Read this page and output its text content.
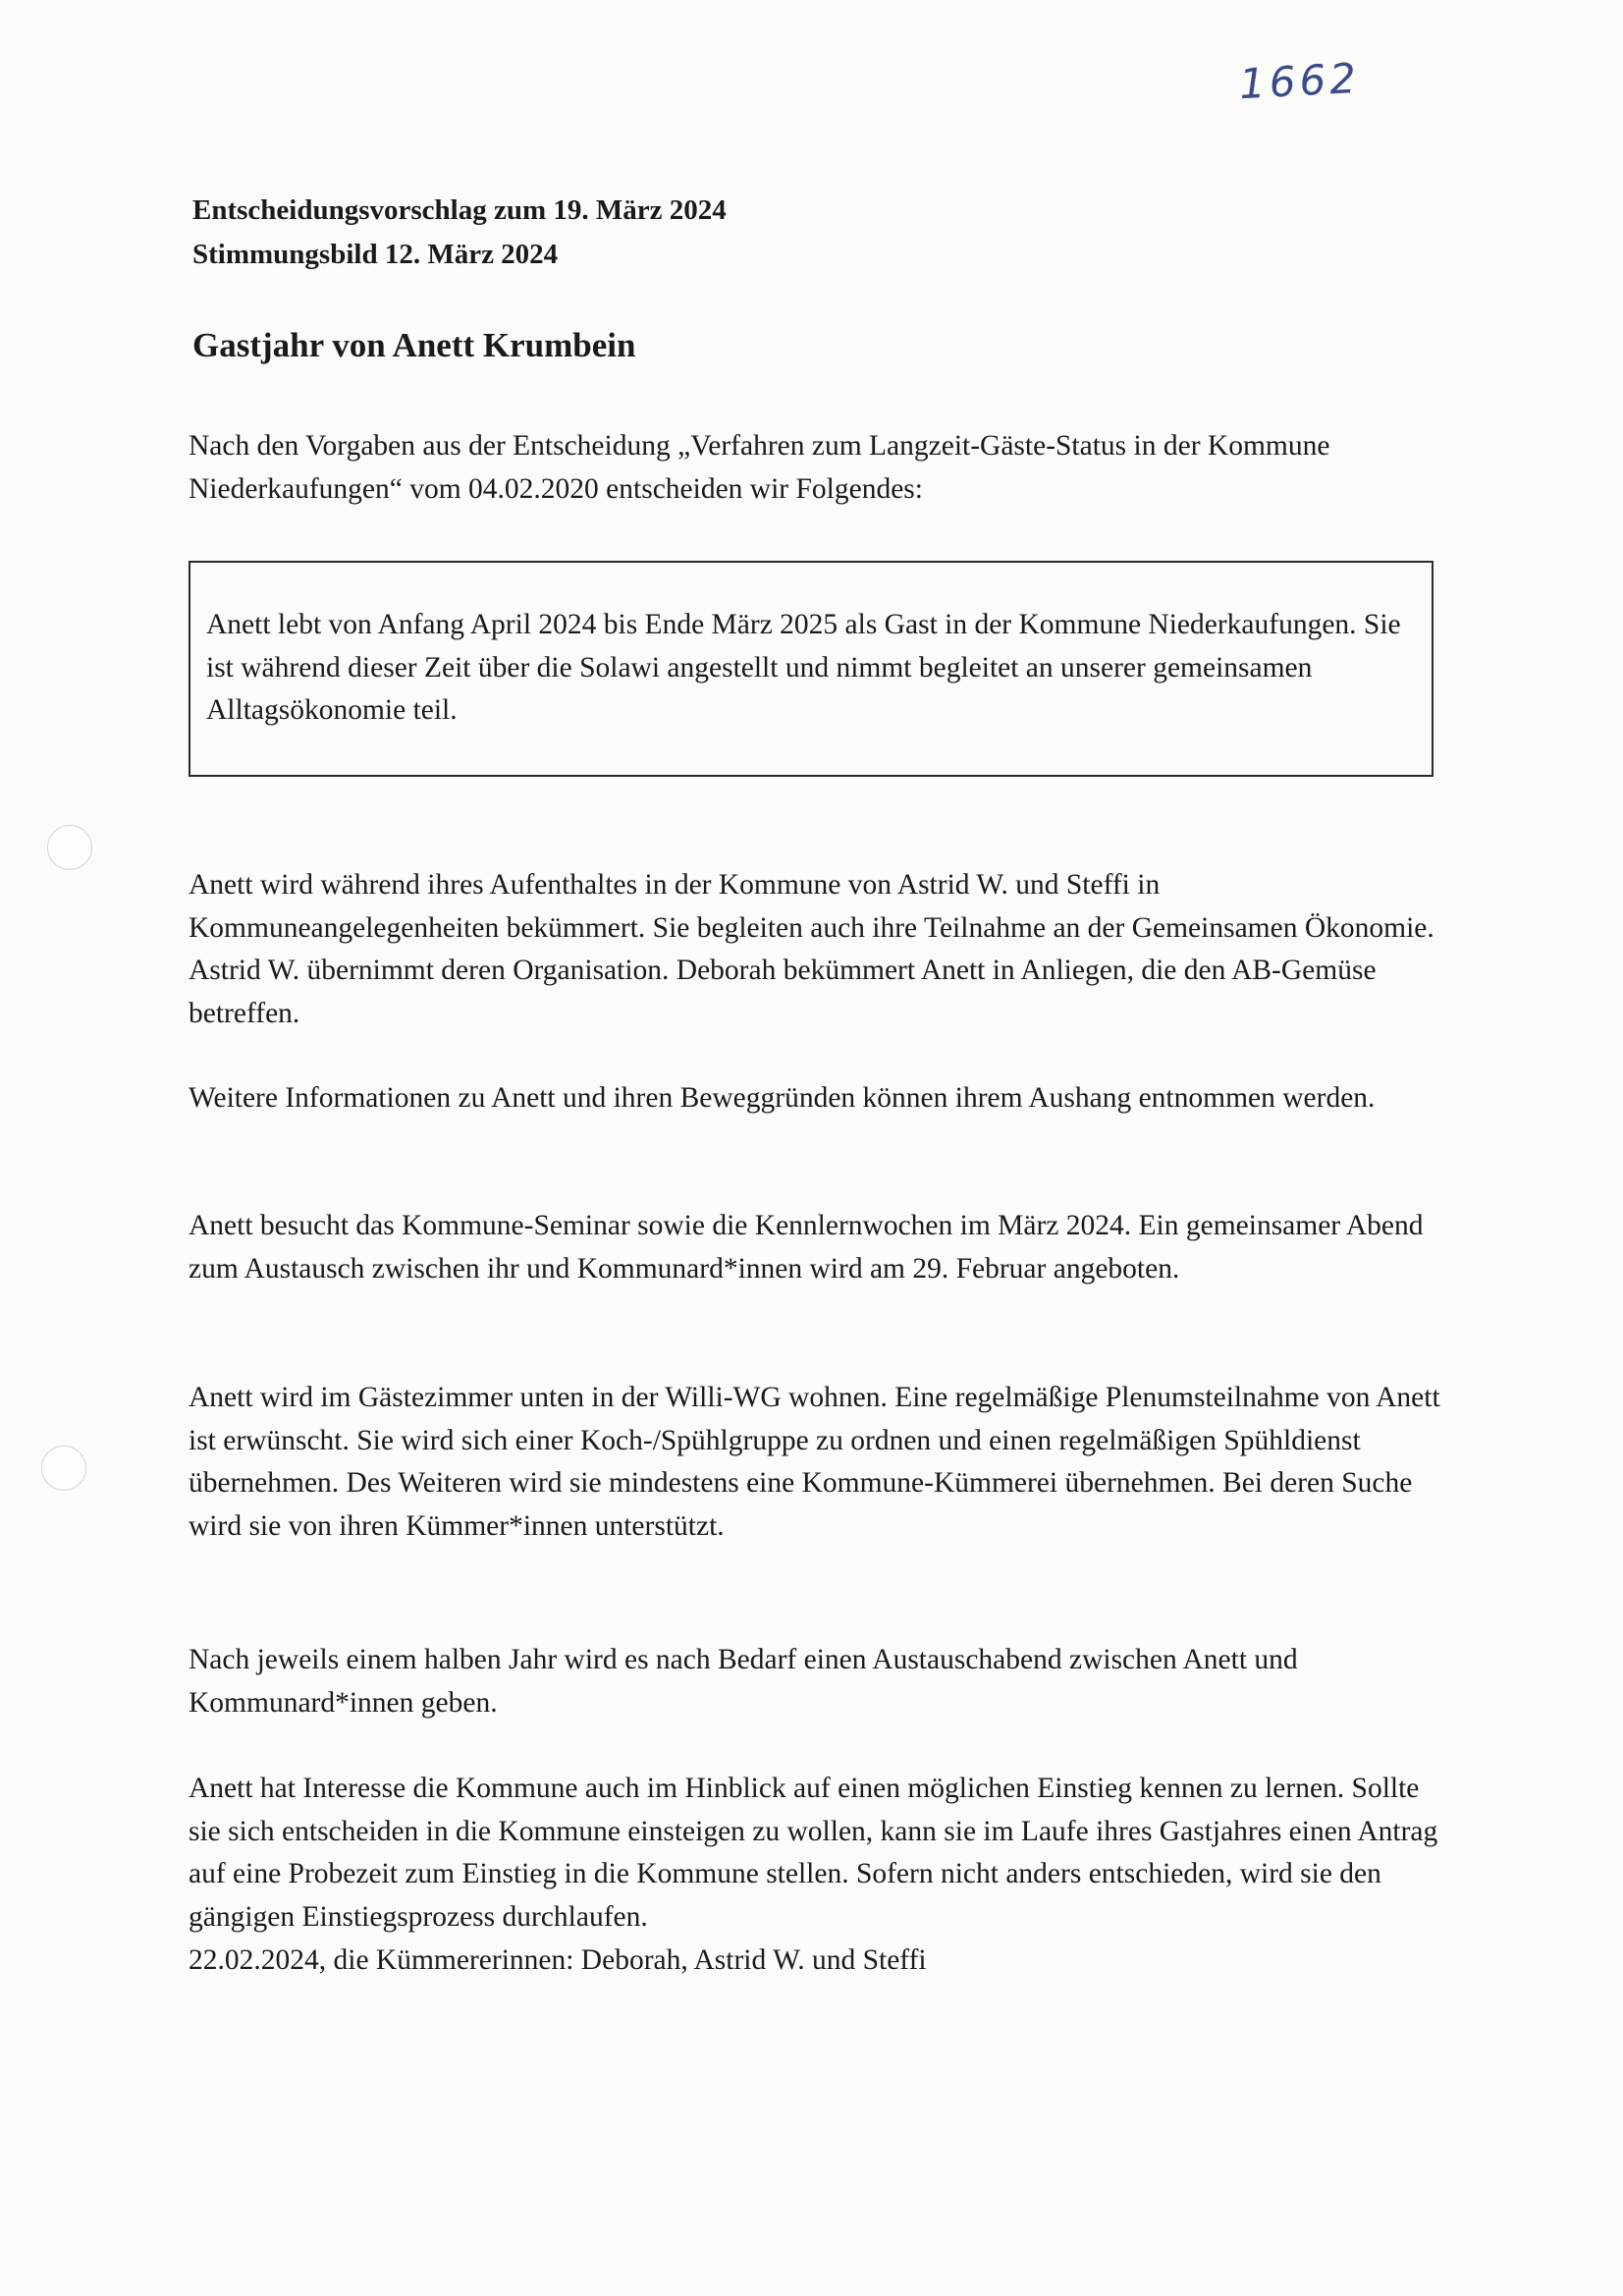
1662
Entscheidungsvorschlag zum 19. März 2024
Stimmungsbild 12. März 2024
Gastjahr von Anett Krumbein
Nach den Vorgaben aus der Entscheidung „Verfahren zum Langzeit-Gäste-Status in der Kommune Niederkaufungen“ vom 04.02.2020 entscheiden wir Folgendes:
Anett lebt von Anfang April 2024 bis Ende März 2025 als Gast in der Kommune Niederkaufungen. Sie ist während dieser Zeit über die Solawi angestellt und nimmt begleitet an unserer gemeinsamen Alltagsökonomie teil.
Anett wird während ihres Aufenthaltes in der Kommune von Astrid W. und Steffi in Kommuneangelegenheiten bekümmert. Sie begleiten auch ihre Teilnahme an der Gemeinsamen Ökonomie. Astrid W. übernimmt deren Organisation. Deborah bekümmert Anett in Anliegen, die den AB-Gemüse betreffen.
Weitere Informationen zu Anett und ihren Beweggründen können ihrem Aushang entnommen werden.
Anett besucht das Kommune-Seminar sowie die Kennlernwochen im März 2024. Ein gemeinsamer Abend zum Austausch zwischen ihr und Kommunard*innen wird am 29. Februar angeboten.
Anett wird im Gästezimmer unten in der Willi-WG wohnen. Eine regelmäßige Plenumsteilnahme von Anett ist erwünscht. Sie wird sich einer Koch-/Spühlgruppe zu ordnen und einen regelmäßigen Spühldienst übernehmen. Des Weiteren wird sie mindestens eine Kommune-Kümmerei übernehmen. Bei deren Suche wird sie von ihren Kümmer*innen unterstützt.
Nach jeweils einem halben Jahr wird es nach Bedarf einen Austauschabend zwischen Anett und Kommunard*innen geben.
Anett hat Interesse die Kommune auch im Hinblick auf einen möglichen Einstieg kennen zu lernen. Sollte sie sich entscheiden in die Kommune einsteigen zu wollen, kann sie im Laufe ihres Gastjahres einen Antrag auf eine Probezeit zum Einstieg in die Kommune stellen. Sofern nicht anders entschieden, wird sie den gängigen Einstiegsprozess durchlaufen.
22.02.2024, die Kümmererinnen: Deborah, Astrid W. und Steffi
